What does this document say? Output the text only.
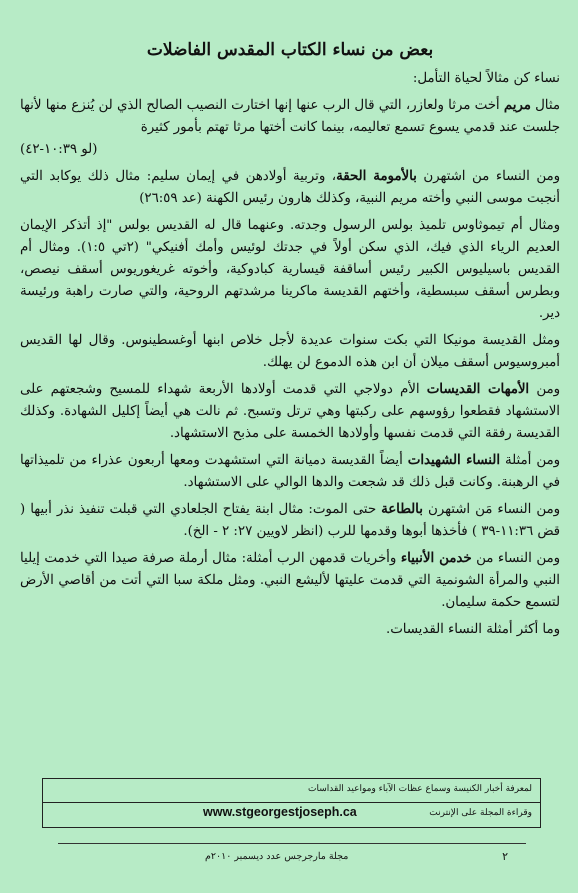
بعض من نساء الكتاب المقدس الفاضلات

نساء كن مثالاً لحياة التأمل:

مثال مريم أخت مرثا ولعازر، التي قال الرب عنها إنها اختارت النصيب الصالح الذي لن يُنزع منها لأنها جلست عند قدمي يسوع تسمع تعاليمه، بينما كانت أختها مرثا تهتم بأمور كثيرة
(لو ١٠:٣٩-٤٢)

ومن النساء من اشتهرن بالأمومة الحقة، وتربية أولادهن في إيمان سليم: مثال ذلك يوكابد التي أنجبت موسى النبي وأخته مريم النبية، وكذلك هارون رئيس الكهنة (عد ٢٦:٥٩)

ومثال أم تيموثاوس تلميذ بولس الرسول وجدته. وعنهما قال له القديس بولس "إذ أتذكر الإيمان العديم الرياء الذي فيك، الذي سكن أولاً في جدتك لوئيس وأمك أفنيكي" (٢تي ١:٥). ومثال أم القديس باسيليوس الكبير رئيس أساقفة قيسارية كبادوكية، وأخوته غريغوريوس أسقف نيصص، وبطرس أسقف سبسطية، وأختهم القديسة ماكرينا مرشدتهم الروحية، والتي صارت راهبة ورئيسة دير.

ومثل القديسة مونيكا التي بكت سنوات عديدة لأجل خلاص ابنها أوغسطينوس. وقال لها القديس أمبروسيوس أسقف ميلان أن ابن هذه الدموع لن يهلك.

ومن الأمهات القديسات الأم دولاجي التي قدمت أولادها الأربعة شهداء للمسيح وشجعتهم على الاستشهاد فقطعوا رؤوسهم على ركبتها وهي ترتل وتسبح. ثم نالت هي أيضاً إكليل الشهادة. وكذلك القديسة رفقة التي قدمت نفسها وأولادها الخمسة على مذبح الاستشهاد.

ومن أمثلة النساء الشهيدات أيضاً القديسة دميانة التي استشهدت ومعها أربعون عذراء من تلميذاتها في الرهبنة. وكانت قبل ذلك قد شجعت والدها الوالي على الاستشهاد.

ومن النساء مَن اشتهرن بالطاعة حتى الموت: مثال ابنة يفتاح الجلعادي التي قبلت تنفيذ نذر أبيها ( قض ١١:٣٦-٣٩ ) فأخذها أبوها وقدمها للرب (انظر لاويين ٢٧: ٢ - الخ).

ومن النساء من خدمن الأنبياء وأخريات قدمهن الرب أمثلة: مثال أرملة صرفة صيدا التي خدمت إيليا النبي والمرأة الشونمية التي قدمت عليتها لأليشع النبي. ومثل ملكة سبا التي أتت من أقاصي الأرض لتسمع حكمة سليمان.

وما أكثر أمثلة النساء القديسات.

لمعرفة أخبار الكنيسة وسماع عظات الآباء ومواعيد القداسات
وقراءة المجلة على الإنترنت
www.stgeorgestjoseph.ca
٢
مجلة مارجرجس عدد ديسمبر ٢٠١٠م
